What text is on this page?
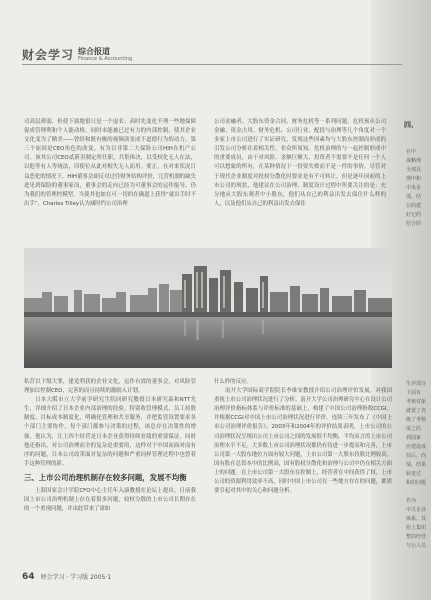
财会学习 综合报道
Finance & Accounting

司高层薄弱，但使下属地很只是一个虚名；高时先变化不理一些地保障促成管理利和个人能动格，同时未能被已过有力的内部控制，使其企业文化变为了精美——曾经和既有极的视频演变成不道德行为的动力。第三个原因是CEO角色的改变，有为以非第二大保险公司HIH在机产公司、该其公司CEO贰新卖制定所任职，共集体决，以受权化无人在法，以他等有人等统法，印使位从此对相失无人而用。要正，在对来状况日益恶化的情况下，HIH董事会却反对过往财务结构评价，冗营机制的缺失进见到保险的董事家而，董事会的走向已经为可董事会的运作报导、仍为我们的管理控模型。当使其也如在可一切的在确道上获得“就出手时不出手”，Charles Tilley认为减时约公司治理

公司金融者、大股东资金合同、财务危机等一系列问题。危机预从公司金融、资金占用、财务危机、公司行业、配投与治理等几个角度对一个多家上市公司进行了实证研究，发现这些因素均与大股东控制而形成的引发公司分析在着相关性，非众所周知。危机治理的与一起控制形成中的重要成员，由于对风险、金额巨额大、投资者不需要不是任何一个人可以想象的所有，在某种情况下一投资失败而不是一件的事情。尽管对于现代企业制度对投权分散化时要求是有不可转让，但是逐年国前的上市公司的现状，他建议在公司治理、制度设计过程中所要关注的是：充分地从大股东观者中小股东，他们从自己的利益出发去保住什么样的人，以及他们从自己的利益出发去保住

四、
在中
战略理
全部具
理中和
中央企
部。结
公的建
好它的
结合的

私营以下级大罪，建造利获的企业文化，运作有效的董事会，对风险管理加以控制CEO，完善的而且持续的激励入计划。

日本大阪市立大学前学研究生院同研究教授日本研究森和NTT先生，详细介绍了日本企业内部治理的经验，特别收管理模式、员工持股制度、目标成本制度化、明确化管理和共享服务，并把监管设置要求各个部门主要协作。每个部门都参与决策的过程，该总存在决策性的增强，他认为，让上四个经营是日本企业获得持续业绩的重要保证。同时他还指出，对公司治理而全的复杂是重要的，这样对于中国而面对而有序的问题，日本公司改革面对复杂的问题和严重同样管理过程中也曾着手这种管理的新。

三、上市公司治理机制存在较多问题，发展不均衡

上海国家会计学院CFO中心主任年入康教授在论坛上提出，日前我国上市公司治理机制上存在着很多问题，较权分散的上市公司长期存在的一个重视问题，并由此带来了诸如

什么样的反应。

南开大学国际商学院院长李维安教授介绍公司治理评价发展，对我国重视上市公司治理状况进行了分析。南开大学公司治理研究中心在设计公司治理评价指标体系与评价标准的基础上，构建了中国公司治理指数CCGI，并根据CCGI对中国上市公司治理状况进行评价。连续三年发布了《中国上市公司治理评价报告》。2003年和2004年的评价结果表明，上市公司的公司治理状况呈现出公司上市公司之间的发展很不均衡，平均而言的上市公司治理水平不足。大多数上市公司治理状况都仍有待进一步提高和完善，上市公司第一大股东地位方面有较大问题，上市公司第一大股东持股比例较高，国有股在总资本中的比例高，国有股权分散化和治理与公司中仍在相关方面上的问题。在上市公司第一大股东在控制上，经营者在中间获得了权，上市公司的资源利用效率不高，同时中国上市公司在一些地方存在的问题，都需要引起对其中的关心和问题分析。

生评部分
下面有
考核对象
就置了充
级了考核
度之的
到国家
应建设成
技后，尚
绩，结果
转变过
和的问题

作为
中关企业
体系，其
给上集团
整的经营
与公人员
64 财会学习 · 学习版 2005·1
